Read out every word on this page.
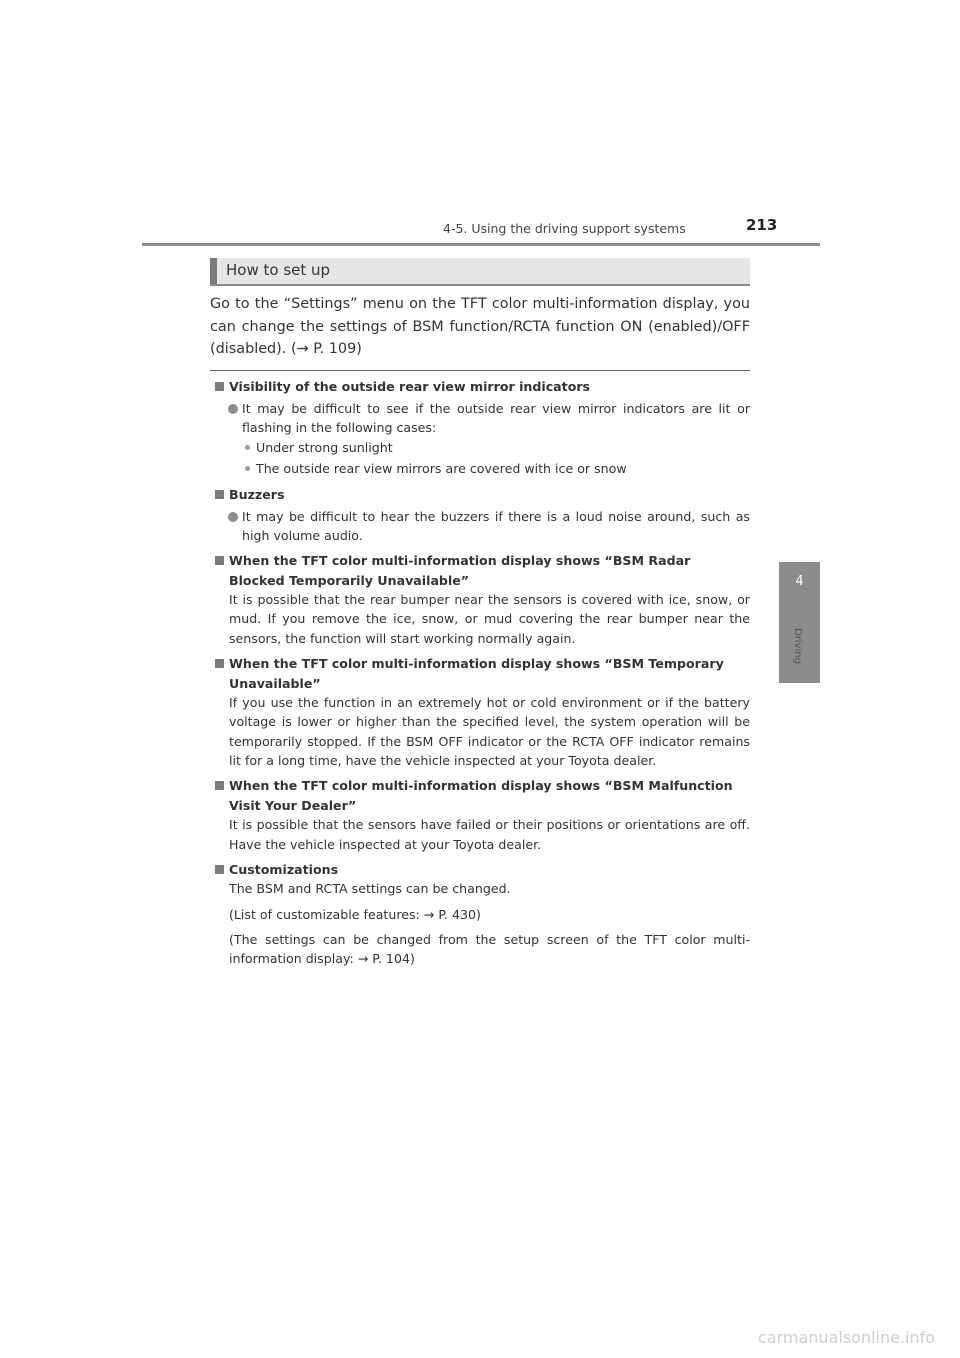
4-5. Using the driving support systems	213
4
Driving
How to set up

Go to the “Settings” menu on the TFT color multi-information display, you can change the settings of BSM function/RCTA function ON (enabled)/OFF (disabled). (→ P. 109)

Visibility of the outside rear view mirror indicators
It may be difficult to see if the outside rear view mirror indicators are lit or flashing in the following cases:
Under strong sunlight
The outside rear view mirrors are covered with ice or snow
Buzzers
It may be difficult to hear the buzzers if there is a loud noise around, such as high volume audio.
When the TFT color multi-information display shows “BSM Radar Blocked Temporarily Unavailable”

It is possible that the rear bumper near the sensors is covered with ice, snow, or mud. If you remove the ice, snow, or mud covering the rear bumper near the sensors, the function will start working normally again.

When the TFT color multi-information display shows “BSM Temporary Unavailable”

If you use the function in an extremely hot or cold environment or if the battery voltage is lower or higher than the specified level, the system operation will be temporarily stopped. If the BSM OFF indicator or the RCTA OFF indicator remains lit for a long time, have the vehicle inspected at your Toyota dealer.

When the TFT color multi-information display shows “BSM Malfunction Visit Your Dealer”

It is possible that the sensors have failed or their positions or orientations are off. Have the vehicle inspected at your Toyota dealer.

Customizations

The BSM and RCTA settings can be changed.

(List of customizable features: → P. 430)

(The settings can be changed from the setup screen of the TFT color multi-information display: → P. 104)

carmanualsonline.info
